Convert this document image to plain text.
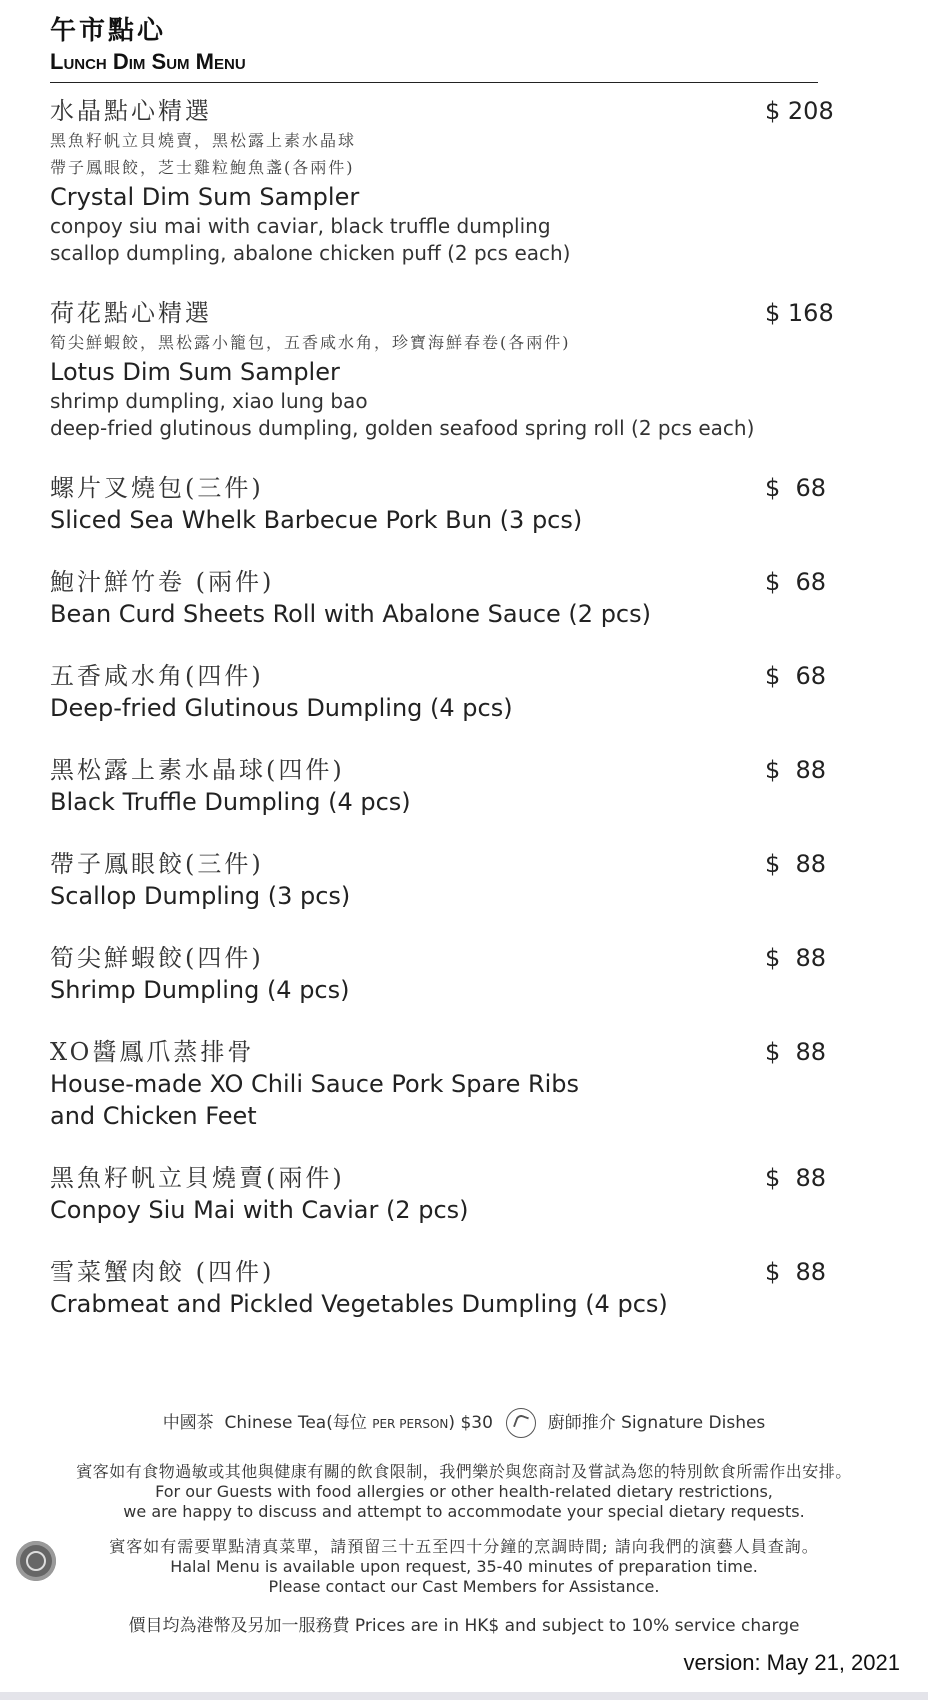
午市點心
Lunch Dim Sum Menu
水晶點心精選
黑魚籽帆立貝燒賣，黑松露上素水晶球
帶子鳳眼餃，芝士雞粒鮑魚盞(各兩件)
Crystal Dim Sum Sampler
conpoy siu mai with caviar, black truffle dumpling
scallop dumpling, abalone chicken puff (2 pcs each)
$ 208
荷花點心精選
筍尖鮮蝦餃，黑松露小籠包，五香咸水角，珍寶海鮮春卷(各兩件)
Lotus Dim Sum Sampler
shrimp dumpling, xiao lung bao
deep-fried glutinous dumpling, golden seafood spring roll (2 pcs each)
$ 168
螺片叉燒包(三件)
Sliced Sea Whelk Barbecue Pork Bun (3 pcs)
$  68
鮑汁鮮竹卷 (兩件)
Bean Curd Sheets Roll with Abalone Sauce (2 pcs)
$  68
五香咸水角(四件)
Deep-fried Glutinous Dumpling (4 pcs)
$  68
黑松露上素水晶球(四件)
Black Truffle Dumpling (4 pcs)
$  88
帶子鳳眼餃(三件)
Scallop Dumpling (3 pcs)
$  88
筍尖鮮蝦餃(四件)
Shrimp Dumpling (4 pcs)
$  88
XO醬鳳爪蒸排骨
House-made XO Chili Sauce Pork Spare Ribs
and Chicken Feet
$  88
黑魚籽帆立貝燒賣(兩件)
Conpoy Siu Mai with Caviar (2 pcs)
$  88
雪菜蟹肉餃 (四件)
Crabmeat and Pickled Vegetables Dumpling (4 pcs)
$  88
中國茶 Chinese Tea(每位 PER PERSON) $30	廚師推介 Signature Dishes
賓客如有食物過敏或其他與健康有關的飲食限制，我們樂於與您商討及嘗試為您的特別飲食所需作出安排。
For our Guests with food allergies or other health-related dietary restrictions,
we are happy to discuss and attempt to accommodate your special dietary requests.
賓客如有需要單點清真菜單，請預留三十五至四十分鐘的烹調時間; 請向我們的演藝人員查詢。
Halal Menu is available upon request, 35-40 minutes of preparation time.
Please contact our Cast Members for Assistance.
價目均為港幣及另加一服務費 Prices are in HK$ and subject to 10% service charge
version: May 21, 2021
